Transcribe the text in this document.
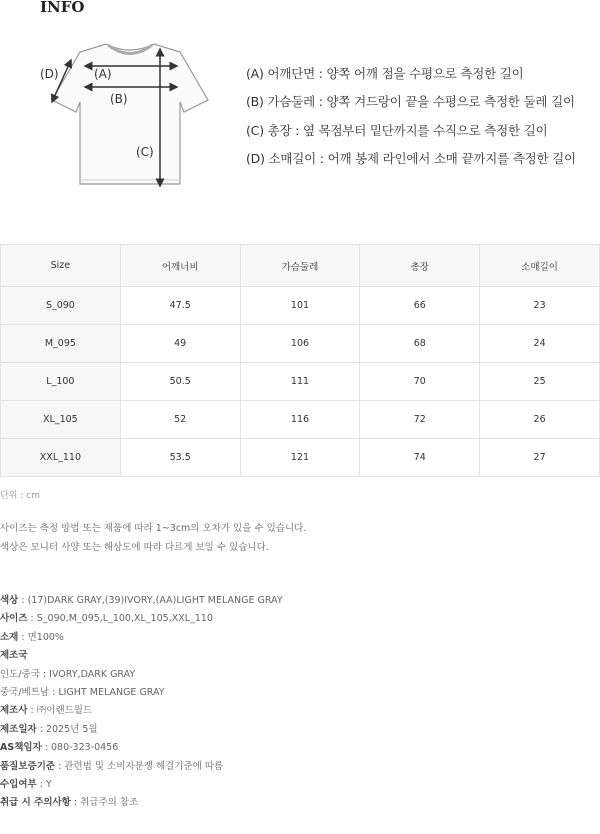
INFO
(A)
(B)
(C)
(D)	(A) 어깨단면 : 양쪽 어깨 점을 수평으로 측정한 길이
(B) 가슴둘레 : 양쪽 겨드랑이 끝을 수평으로 측정한 둘레 길이
(C) 총장 : 옆 목점부터 밑단까지를 수직으로 측정한 길이
(D) 소매길이 : 어깨 봉제 라인에서 소매 끝까지를 측정한 길이
Size	어깨너비	가슴둘레	총장	소매길이
S_090	47.5	101	66	23
M_095	49	106	68	24
L_100	50.5	111	70	25
XL_105	52	116	72	26
XXL_110	53.5	121	74	27
단위 : cm
사이즈는 측정 방법 또는 제품에 따라 1~3cm의 오차가 있을 수 있습니다.
색상은 모니터 사양 또는 해상도에 따라 다르게 보일 수 있습니다.
색상 : (17)DARK GRAY,(39)IVORY,(AA)LIGHT MELANGE GRAY
사이즈 : S_090,M_095,L_100,XL_105,XXL_110
소재 : 면100%
제조국
인도/중국 : IVORY,DARK GRAY
중국/베트남 : LIGHT MELANGE GRAY
제조사 : ㈜이랜드월드
제조일자 : 2025년 5월
AS책임자 : 080-323-0456
품질보증기준 : 관련법 및 소비자분쟁 해결기준에 따름
수입여부 : Y
취급 시 주의사항 : 취급주의 참조
